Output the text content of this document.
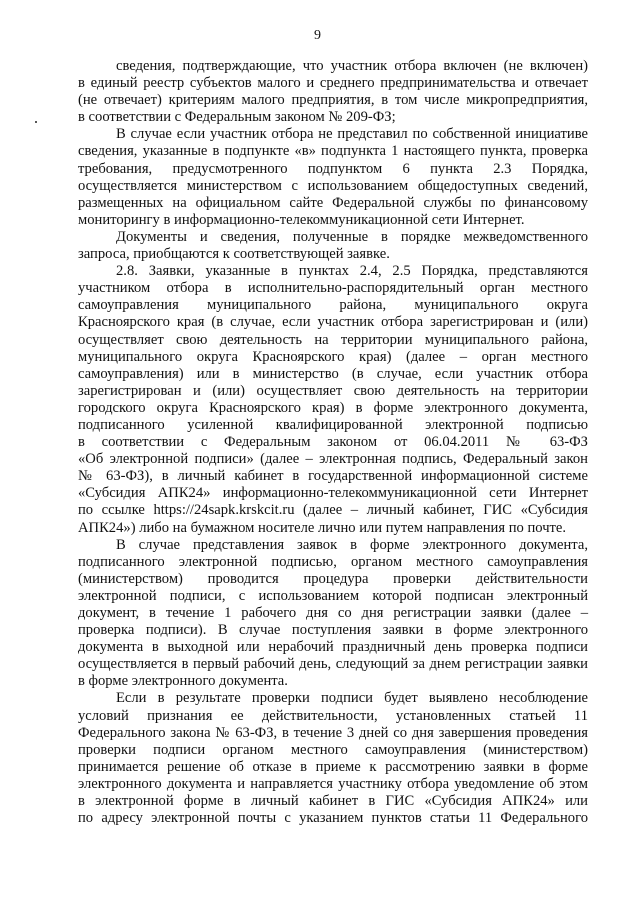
9
сведения, подтверждающие, что участник отбора включен (не включен)
в единый реестр субъектов малого и среднего предпринимательства и отвечает
(не отвечает) критериям малого предприятия, в том числе микропредприятия,
в соответствии с Федеральным законом № 209-ФЗ;
В случае если участник отбора не представил по собственной инициативе
сведения, указанные в подпункте «в» подпункта 1 настоящего пункта, проверка
требования, предусмотренного подпунктом 6 пункта 2.3 Порядка,
осуществляется министерством с использованием общедоступных сведений,
размещенных на официальном сайте Федеральной службы по финансовому
мониторингу в информационно-телекоммуникационной сети Интернет.
Документы и сведения, полученные в порядке межведомственного
запроса, приобщаются к соответствующей заявке.
2.8. Заявки, указанные в пунктах 2.4, 2.5 Порядка, представляются
участником отбора в исполнительно-распорядительный орган местного
самоуправления муниципального района, муниципального округа
Красноярского края (в случае, если участник отбора зарегистрирован и (или)
осуществляет свою деятельность на территории муниципального района,
муниципального округа Красноярского края) (далее – орган местного
самоуправления) или в министерство (в случае, если участник отбора
зарегистрирован и (или) осуществляет свою деятельность на территории
городского округа Красноярского края) в форме электронного документа,
подписанного усиленной квалифицированной электронной подписью
в соответствии с Федеральным законом от 06.04.2011 № 63-ФЗ
«Об электронной подписи» (далее – электронная подпись, Федеральный закон
№ 63-ФЗ), в личный кабинет в государственной информационной системе
«Субсидия АПК24» информационно-телекоммуникационной сети Интернет
по ссылке https://24sapk.krskcit.ru (далее – личный кабинет, ГИС «Субсидия
АПК24») либо на бумажном носителе лично или путем направления по почте.
В случае представления заявок в форме электронного документа,
подписанного электронной подписью, органом местного самоуправления
(министерством) проводится процедура проверки действительности
электронной подписи, с использованием которой подписан электронный
документ, в течение 1 рабочего дня со дня регистрации заявки (далее –
проверка подписи). В случае поступления заявки в форме электронного
документа в выходной или нерабочий праздничный день проверка подписи
осуществляется в первый рабочий день, следующий за днем регистрации заявки
в форме электронного документа.
Если в результате проверки подписи будет выявлено несоблюдение
условий признания ее действительности, установленных статьей 11
Федерального закона № 63-ФЗ, в течение 3 дней со дня завершения проведения
проверки подписи органом местного самоуправления (министерством)
принимается решение об отказе в приеме к рассмотрению заявки в форме
электронного документа и направляется участнику отбора уведомление об этом
в электронной форме в личный кабинет в ГИС «Субсидия АПК24» или
по адресу электронной почты с указанием пунктов статьи 11 Федерального
